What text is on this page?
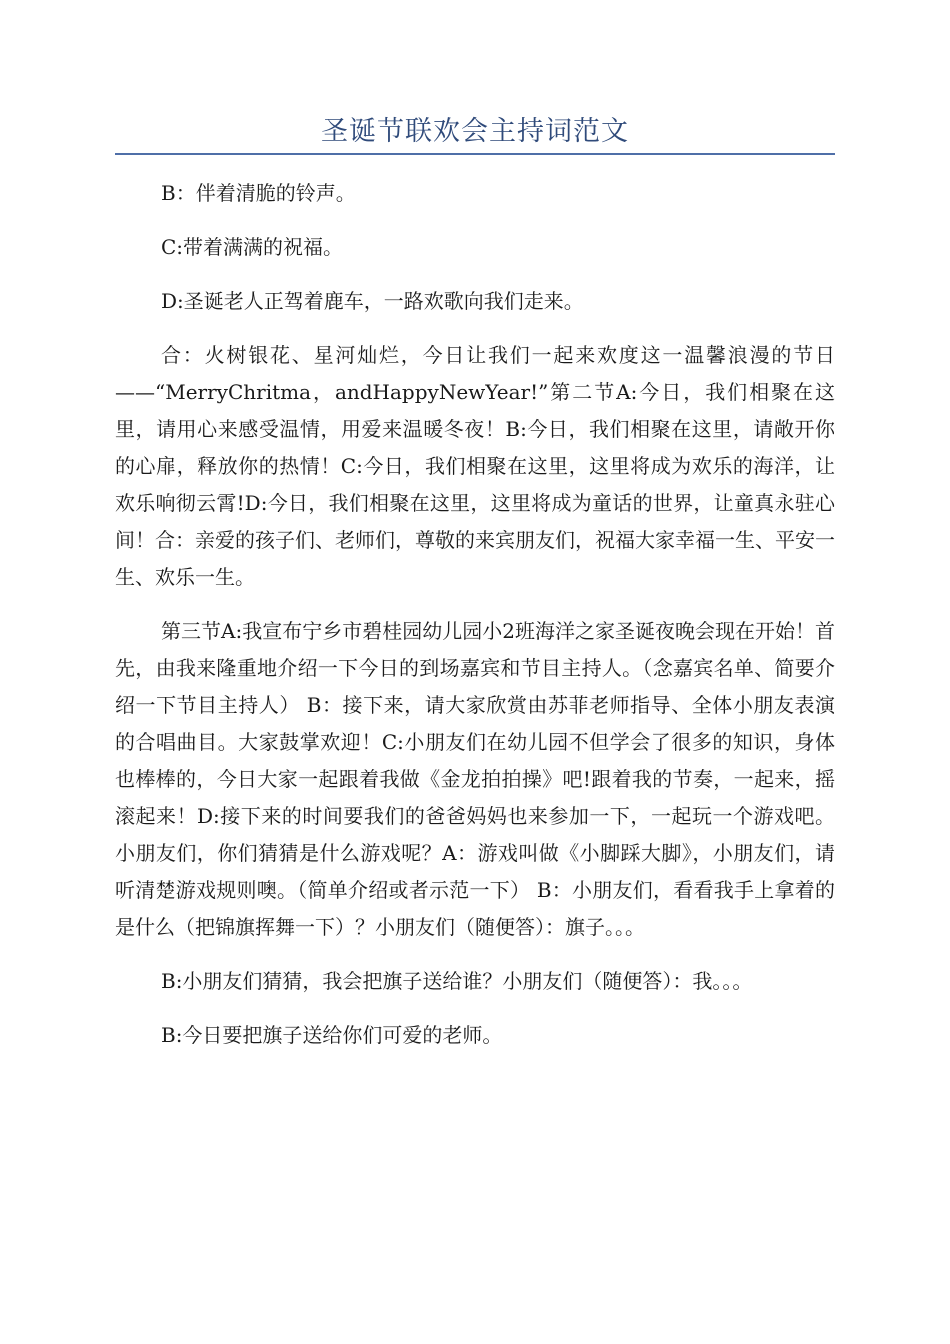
圣诞节联欢会主持词范文

B：伴着清脆的铃声。

C:带着满满的祝福。

D:圣诞老人正驾着鹿车，一路欢歌向我们走来。

合：火树银花、星河灿烂，今日让我们一起来欢度这一温馨浪漫的节日——“MerryChritma，andHappyNewYear!”第二节A:今日，我们相聚在这里，请用心来感受温情，用爱来温暖冬夜！B:今日，我们相聚在这里，请敞开你的心扉，释放你的热情！C:今日，我们相聚在这里，这里将成为欢乐的海洋，让欢乐响彻云霄!D:今日，我们相聚在这里，这里将成为童话的世界，让童真永驻心间！合：亲爱的孩子们、老师们，尊敬的来宾朋友们，祝福大家幸福一生、平安一生、欢乐一生。

第三节A:我宣布宁乡市碧桂园幼儿园小2班海洋之家圣诞夜晚会现在开始！首先，由我来隆重地介绍一下今日的到场嘉宾和节目主持人。（念嘉宾名单、简要介绍一下节目主持人） B：接下来，请大家欣赏由苏菲老师指导、全体小朋友表演的合唱曲目。大家鼓掌欢迎！C:小朋友们在幼儿园不但学会了很多的知识，身体也棒棒的，今日大家一起跟着我做《金龙拍拍操》吧!跟着我的节奏，一起来，摇滚起来！D:接下来的时间要我们的爸爸妈妈也来参加一下，一起玩一个游戏吧。小朋友们，你们猜猜是什么游戏呢？A：游戏叫做《小脚踩大脚》，小朋友们，请听清楚游戏规则噢。（简单介绍或者示范一下） B：小朋友们，看看我手上拿着的是什么（把锦旗挥舞一下）？小朋友们（随便答）：旗子。。。

B:小朋友们猜猜，我会把旗子送给谁？小朋友们（随便答）：我。。。

B:今日要把旗子送给你们可爱的老师。
